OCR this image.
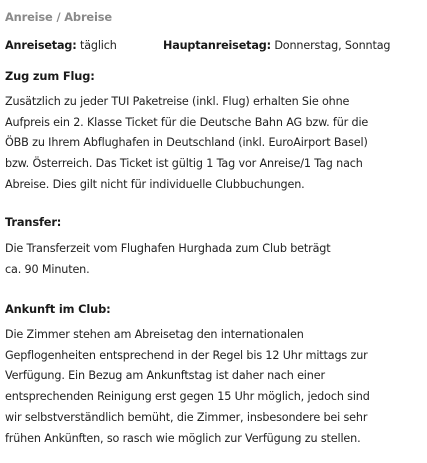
Anreise / Abreise
Anreisetag: täglich	Hauptanreisetag: Donnerstag, Sonntag
Zug zum Flug:
Zusätzlich zu jeder TUI Paketreise (inkl. Flug) erhalten Sie ohne
Aufpreis ein 2. Klasse Ticket für die Deutsche Bahn AG bzw. für die
ÖBB zu Ihrem Abflughafen in Deutschland (inkl. EuroAirport Basel)
bzw. Österreich. Das Ticket ist gültig 1 Tag vor Anreise/1 Tag nach
Abreise. Dies gilt nicht für individuelle Clubbuchungen.
Transfer:
Die Transferzeit vom Flughafen Hurghada zum Club beträgt
ca. 90 Minuten.
Ankunft im Club:
Die Zimmer stehen am Abreisetag den internationalen
Gepflogenheiten entsprechend in der Regel bis 12 Uhr mittags zur
Verfügung. Ein Bezug am Ankunftstag ist daher nach einer
entsprechenden Reinigung erst gegen 15 Uhr möglich, jedoch sind
wir selbstverständlich bemüht, die Zimmer, insbesondere bei sehr
frühen Ankünften, so rasch wie möglich zur Verfügung zu stellen.
